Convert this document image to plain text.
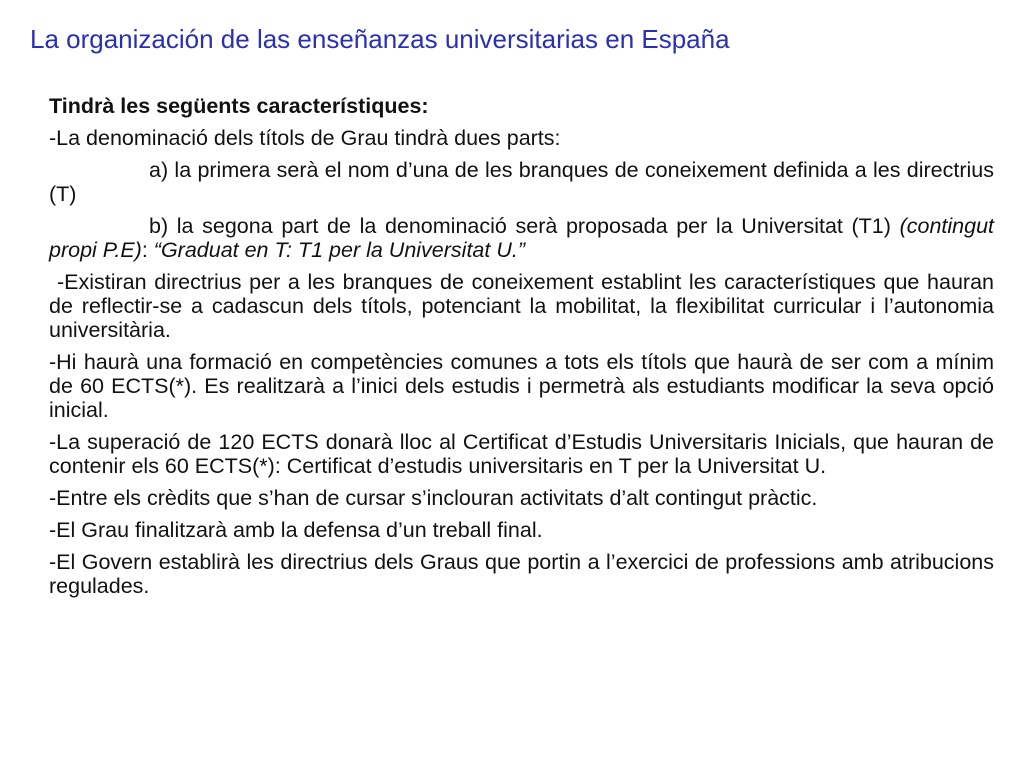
La organización de las enseñanzas universitarias en España
Tindrà les següents característiques:
-La denominació dels títols de Grau tindrà dues parts:
a) la primera serà el nom d’una de les branques de coneixement definida a les directrius (T)
b) la segona part de la denominació serà proposada per la Universitat (T1) (contingut propi P.E): “Graduat en T: T1 per la Universitat U.”
-Existiran directrius per a les branques de coneixement establint les característiques que hauran de reflectir-se a cadascun dels títols, potenciant la mobilitat, la flexibilitat curricular i l’autonomia universitària.
-Hi haurà una formació en competències comunes a tots els títols que haurà de ser com a mínim de 60 ECTS(*). Es realitzarà a l’inici dels estudis i permetrà als estudiants modificar la seva opció inicial.
-La superació de 120 ECTS donarà lloc al Certificat d’Estudis Universitaris Inicials, que hauran de contenir els 60 ECTS(*): Certificat d’estudis universitaris en T per la Universitat U.
-Entre els crèdits que s’han de cursar s’inclouran activitats d’alt contingut pràctic.
-El Grau finalitzarà amb la defensa d’un treball final.
-El Govern establirà les directrius dels Graus que portin a l’exercici de professions amb atribucions regulades.
